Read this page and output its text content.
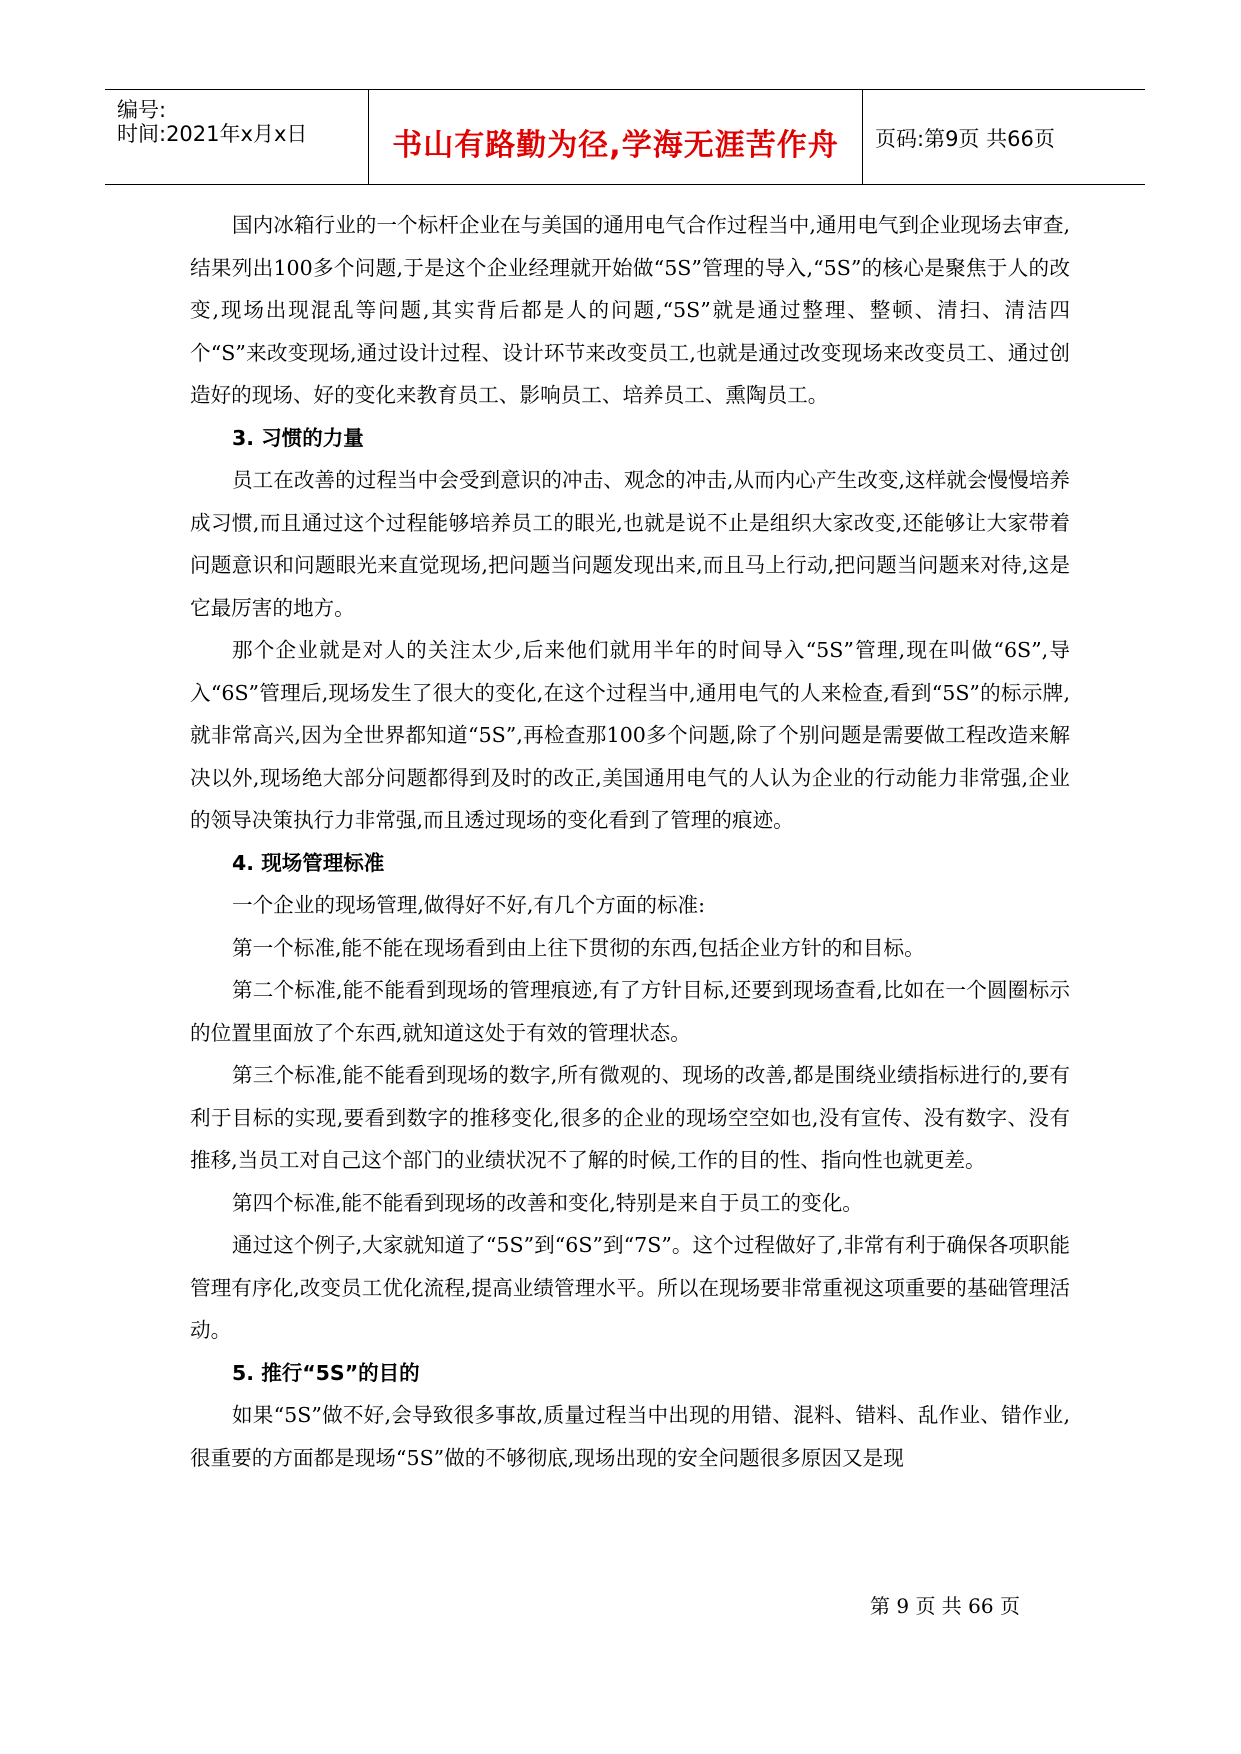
编号:
时间:2021年x月x日	书山有路勤为径,学海无涯苦作舟	页码:第9页 共66页

国内冰箱行业的一个标杆企业在与美国的通用电气合作过程当中,通用电气到企业现场去审查,结果列出100多个问题,于是这个企业经理就开始做“5S”管理的导入,“5S”的核心是聚焦于人的改变,现场出现混乱等问题,其实背后都是人的问题,“5S”就是通过整理、整顿、清扫、清洁四个“S”来改变现场,通过设计过程、设计环节来改变员工,也就是通过改变现场来改变员工、通过创造好的现场、好的变化来教育员工、影响员工、培养员工、熏陶员工。

3. 习惯的力量

员工在改善的过程当中会受到意识的冲击、观念的冲击,从而内心产生改变,这样就会慢慢培养成习惯,而且通过这个过程能够培养员工的眼光,也就是说不止是组织大家改变,还能够让大家带着问题意识和问题眼光来直觉现场,把问题当问题发现出来,而且马上行动,把问题当问题来对待,这是它最厉害的地方。

那个企业就是对人的关注太少,后来他们就用半年的时间导入“5S”管理,现在叫做“6S”,导入“6S”管理后,现场发生了很大的变化,在这个过程当中,通用电气的人来检查,看到“5S”的标示牌,就非常高兴,因为全世界都知道“5S”,再检查那100多个问题,除了个别问题是需要做工程改造来解决以外,现场绝大部分问题都得到及时的改正,美国通用电气的人认为企业的行动能力非常强,企业的领导决策执行力非常强,而且透过现场的变化看到了管理的痕迹。

4. 现场管理标准

一个企业的现场管理,做得好不好,有几个方面的标准:

第一个标准,能不能在现场看到由上往下贯彻的东西,包括企业方针的和目标。

第二个标准,能不能看到现场的管理痕迹,有了方针目标,还要到现场查看,比如在一个圆圈标示的位置里面放了个东西,就知道这处于有效的管理状态。

第三个标准,能不能看到现场的数字,所有微观的、现场的改善,都是围绕业绩指标进行的,要有利于目标的实现,要看到数字的推移变化,很多的企业的现场空空如也,没有宣传、没有数字、没有推移,当员工对自己这个部门的业绩状况不了解的时候,工作的目的性、指向性也就更差。

第四个标准,能不能看到现场的改善和变化,特别是来自于员工的变化。

通过这个例子,大家就知道了“5S”到“6S”到“7S”。这个过程做好了,非常有利于确保各项职能管理有序化,改变员工优化流程,提高业绩管理水平。所以在现场要非常重视这项重要的基础管理活动。

5. 推行“5S”的目的

如果“5S”做不好,会导致很多事故,质量过程当中出现的用错、混料、错料、乱作业、错作业,很重要的方面都是现场“5S”做的不够彻底,现场出现的安全问题很多原因又是现

第 9 页 共 66 页
